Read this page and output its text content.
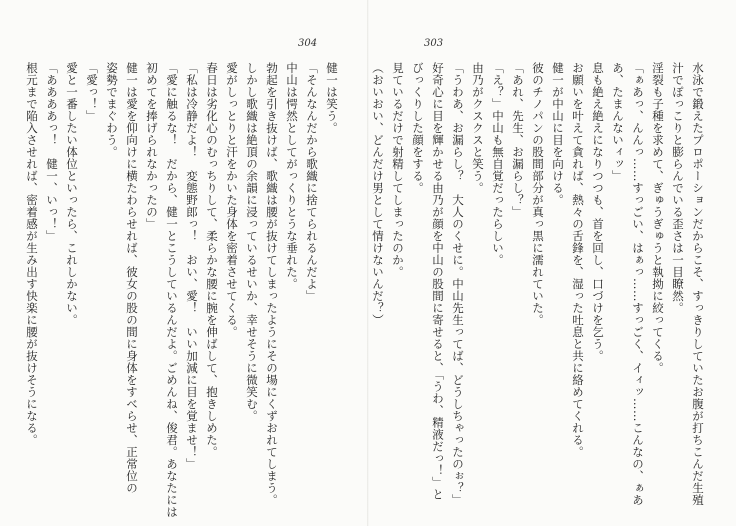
304	303
水泳で鍛えたプロポーションだからこそ、すっきりしていたお腹が打ちこんだ生殖
汁でぽっこりと膨らんでいる歪さは一目瞭然。
淫裂も子種を求めて、ぎゅうぎゅうと執拗に絞ってくる。
「ぁあっ、んんっ……すっごい、はぁっ……すっごく、イィッ……こんなの、ぁあ
あ、たまんないィッ」
息も絶え絶えになりつつも、首を回し、口づけを乞う。
お願いを叶えて貪れば、熱々の舌鋒を、湿った吐息と共に絡めてくれる。
健一が中山に目を向ける。
彼のチノパンの股間部分が真っ黒に濡れていた。
「あれ、先生、お漏らし？」
「え？」中山も無自覚だったらしい。
由乃がクスクスと笑う。
「うわあ、お漏らし？　大人のくせに。中山先生ってば、どうしちゃったのぉ？」
好奇心に目を輝かせる由乃が顔を中山の股間に寄せると、「うわ、精液だっ！」と
びっくりした顔をする。
見ているだけで射精してしまったのか。
（おいおい、どんだけ男として情けないんだ？）
健一は笑う。
「そんなんだから歌織に捨てられるんだよ」
中山は愕然としてがっくりとうな垂れた。
勃起を引き抜けば、歌織は腰が抜けてしまったようにその場にくずおれてしまう。
しかし歌織は絶頂の余韻に浸っているせいか、幸せそうに微笑む。
愛がしっとりと汗をかいた身体を密着させてくる。
春日は劣化心のむっちりして、柔らかな腰に腕を伸ばして、抱きしめた。
「私は冷静だよ！　変態野郎っ！　おい、愛！　いい加減に目を覚ませ！」
「愛に触るな！　だから、健一とこうしているんだよ。ごめんね、俊君。あなたには
初めてを捧げられなかったの」
健一は愛を仰向けに横たわらせれば、彼女の股の間に身体をすべらせ、正常位の
姿勢でまぐわう。
「愛っ！」
愛と一番したい体位といったら、これしかない。
「ああああっ！　健一、いっ！」
根元まで陥入させれば、密着感が生み出す快楽に腰が抜けそうになる。
